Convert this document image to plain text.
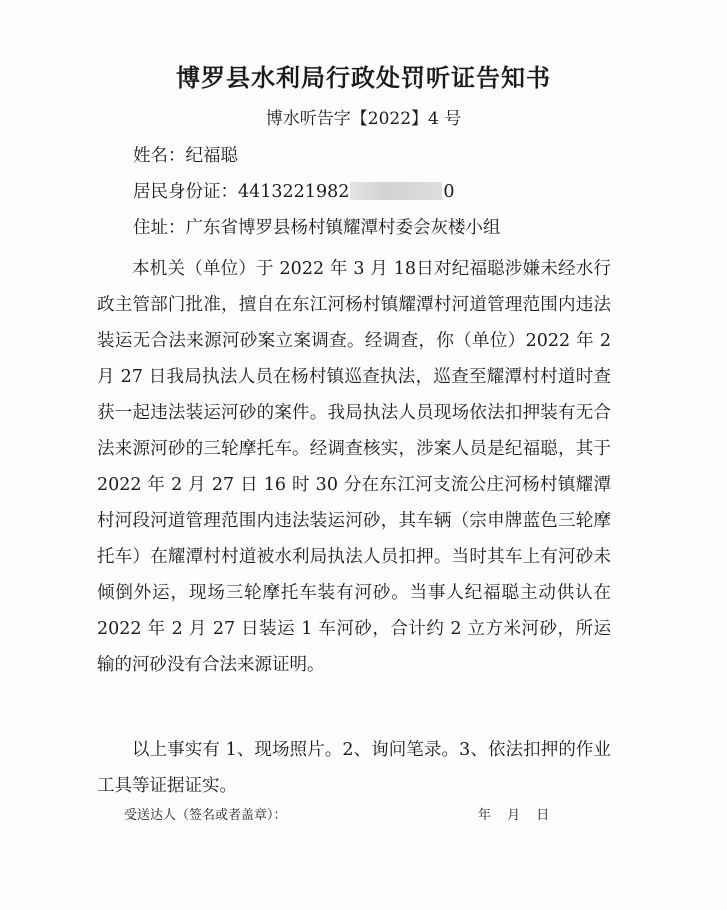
博罗县水利局行政处罚听证告知书
博水听告字【2022】4 号
姓名：纪福聪
居民身份证：4413221982	0
住址：广东省博罗县杨村镇耀潭村委会灰楼小组
本机关（单位）于 2022 年 3 月 18日对纪福聪涉嫌未经水行政主管部门批准，擅自在东江河杨村镇耀潭村河道管理范围内违法装运无合法来源河砂案立案调查。经调查，你（单位）2022 年 2 月 27 日我局执法人员在杨村镇巡查执法，巡查至耀潭村村道时查获一起违法装运河砂的案件。我局执法人员现场依法扣押装有无合法来源河砂的三轮摩托车。经调查核实，涉案人员是纪福聪，其于 2022 年 2 月 27 日 16 时 30 分在东江河支流公庄河杨村镇耀潭村河段河道管理范围内违法装运河砂，其车辆（宗申牌蓝色三轮摩托车）在耀潭村村道被水利局执法人员扣押。当时其车上有河砂未倾倒外运，现场三轮摩托车装有河砂。当事人纪福聪主动供认在 2022 年 2 月 27 日装运 1 车河砂，合计约 2 立方米河砂，所运输的河砂没有合法来源证明。
以上事实有 1、现场照片。2、询问笔录。3、依法扣押的作业工具等证据证实。
受送达人（签名或者盖章）：	年 月 日
